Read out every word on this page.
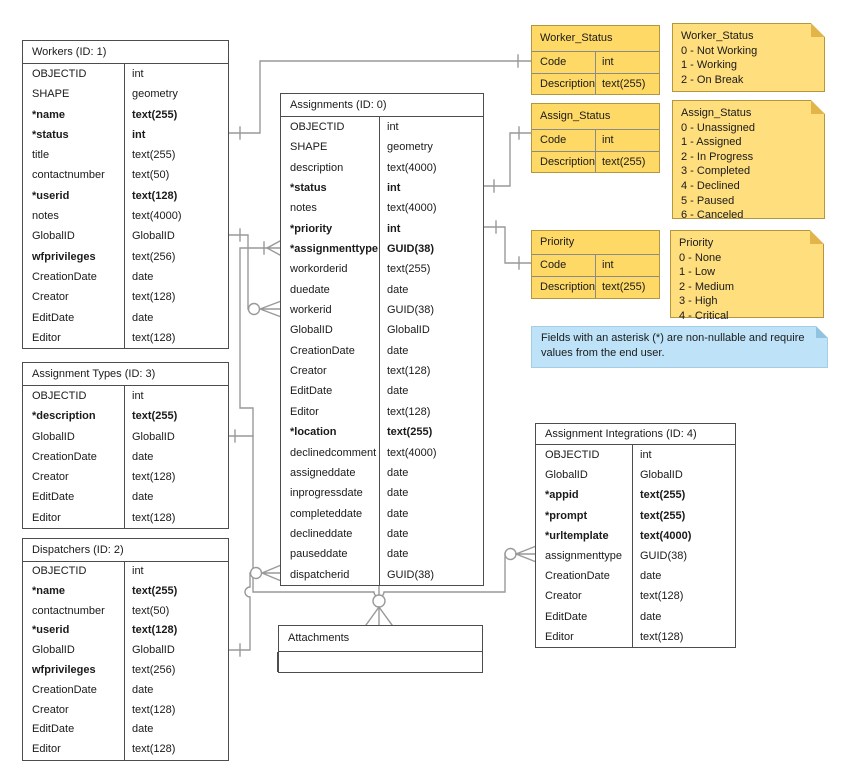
Workers (ID: 1)
OBJECTID	int
SHAPE	geometry
*name	text(255)
*status	int
title	text(255)
contactnumber text(50)
*userid	text(128)
notes	text(4000)
GlobalID	GlobalID
wfprivileges	text(256)
CreationDate	date
Creator	text(128)
EditDate	date
Editor	text(128)
Assignments (ID: 0)
OBJECTID	int
SHAPE	geometry
description	text(4000)
*status	int
notes	text(4000)
*priority	int
*assignmenttype GUID(38)
workorderid	text(255)
duedate	date
workerid	GUID(38)
GlobalID	GlobalID
CreationDate	date
Creator	text(128)
EditDate	date
Editor	text(128)
*location	text(255)
declinedcomment text(4000)
assigneddate	date
inprogressdate date
completeddate date
declineddate	date
pauseddate	date
dispatcherid	GUID(38)
Assignment Types (ID: 3)
OBJECTID	int
*description	text(255)
GlobalID	GlobalID
CreationDate	date
Creator	text(128)
EditDate	date
Editor	text(128)
Dispatchers (ID: 2)
OBJECTID	int
*name	text(255)
contactnumber text(50)
*userid	text(128)
GlobalID	GlobalID
wfprivileges	text(256)
CreationDate	date
Creator	text(128)
EditDate	date
Editor	text(128)
Assignment Integrations (ID: 4)
OBJECTID	int
GlobalID	GlobalID
*appid	text(255)
*prompt	text(255)
*urltemplate	text(4000)
assignmenttype GUID(38)
CreationDate	date
Creator	text(128)
EditDate	date
Editor	text(128)
Attachments
Worker_Status
Code	int
Description text(255)
Assign_Status
Code	int
Description text(255)
Priority
Code	int
Description text(255)
Worker_Status
0 - Not Working
1 - Working
2 - On Break
Assign_Status
0 - Unassigned
1 - Assigned
2 - In Progress
3 - Completed
4 - Declined
5 - Paused
6 - Canceled
Priority
0 - None
1 - Low
2 - Medium
3 - High
4 - Critical
Fields with an asterisk (*) are non-nullable and require values from the end user.
